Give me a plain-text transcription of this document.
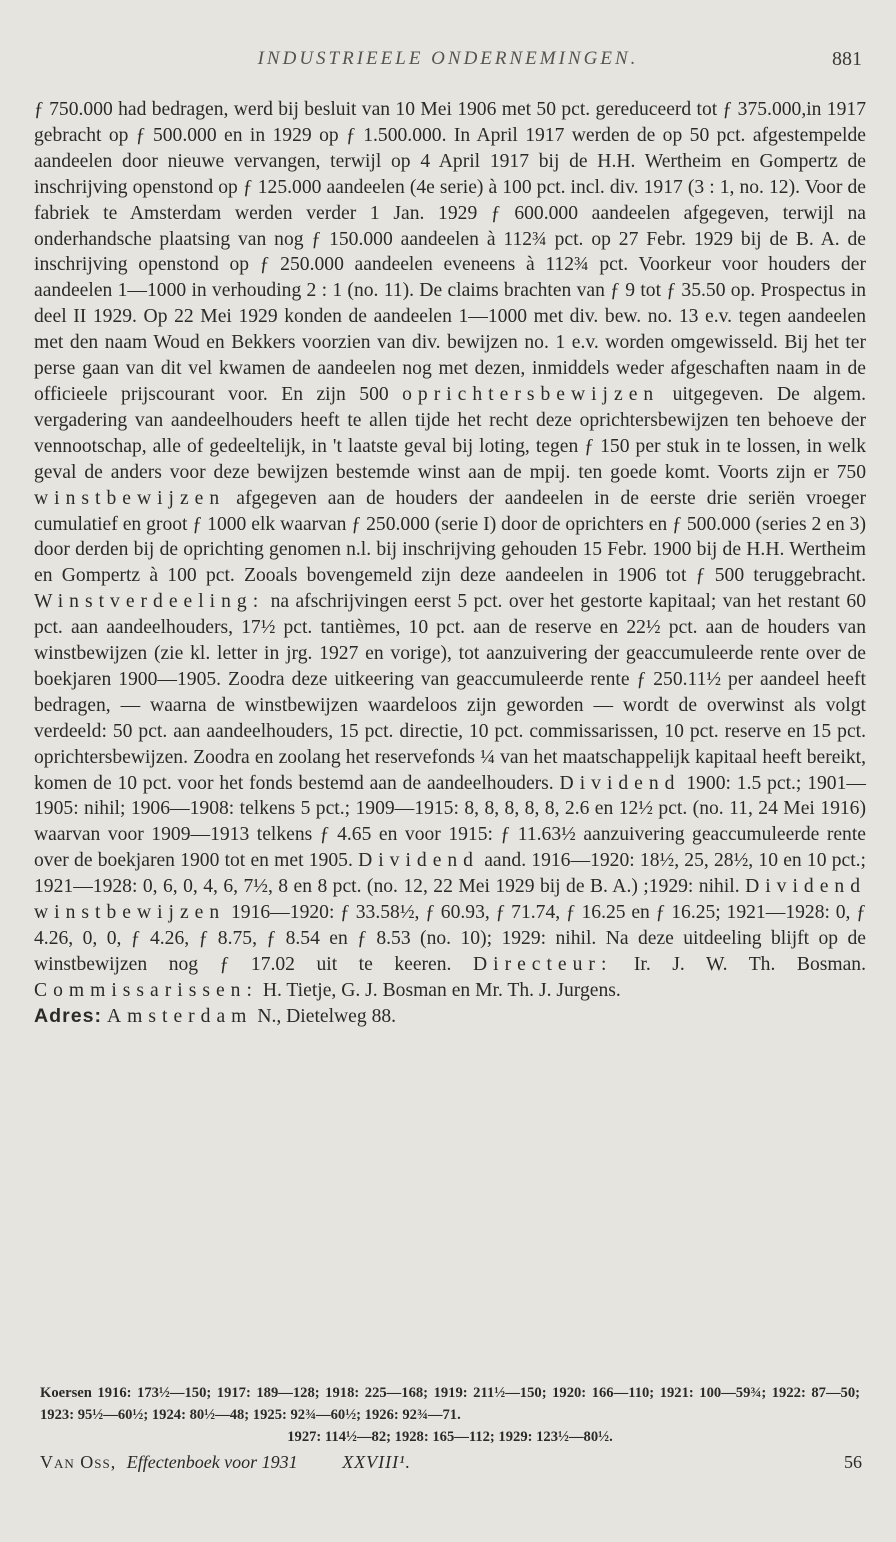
INDUSTRIEELE ONDERNEMINGEN.	881

ƒ 750.000 had bedragen, werd bij besluit van 10 Mei 1906 met 50 pct. gereduceerd tot ƒ 375.000,in 1917 gebracht op ƒ 500.000 en in 1929 op ƒ 1.500.000. In April 1917 werden de op 50 pct. afgestempelde aandeelen door nieuwe vervangen, terwijl op 4 April 1917 bij de H.H. Wertheim en Gompertz de inschrijving openstond op ƒ 125.000 aandeelen (4e serie) à 100 pct. incl. div. 1917 (3 : 1, no. 12). Voor de fabriek te Amsterdam werden verder 1 Jan. 1929 ƒ 600.000 aandeelen afgegeven, terwijl na onderhandsche plaatsing van nog ƒ 150.000 aandeelen à 112¾ pct. op 27 Febr. 1929 bij de B. A. de inschrijving openstond op ƒ 250.000 aandeelen eveneens à 112¾ pct. Voorkeur voor houders der aandeelen 1—1000 in verhouding 2 : 1 (no. 11). De claims brachten van ƒ 9 tot ƒ 35.50 op. Prospectus in deel II 1929. Op 22 Mei 1929 konden de aandeelen 1—1000 met div. bew. no. 13 e.v. tegen aandeelen met den naam Woud en Bekkers voorzien van div. bewijzen no. 1 e.v. worden omgewisseld. Bij het ter perse gaan van dit vel kwamen de aandeelen nog met dezen, inmiddels weder afgeschaften naam in de officieele prijscourant voor. En zijn 500 oprichtersbewijzen uitgegeven. De algem. vergadering van aandeelhouders heeft te allen tijde het recht deze oprichtersbewijzen ten behoeve der vennootschap, alle of gedeeltelijk, in 't laatste geval bij loting, tegen ƒ 150 per stuk in te lossen, in welk geval de anders voor deze bewijzen bestemde winst aan de mpij. ten goede komt. Voorts zijn er 750 winstbewijzen afgegeven aan de houders der aandeelen in de eerste drie seriën vroeger cumulatief en groot ƒ 1000 elk waarvan ƒ 250.000 (serie I) door de oprichters en ƒ 500.000 (series 2 en 3) door derden bij de oprichting genomen n.l. bij inschrijving gehouden 15 Febr. 1900 bij de H.H. Wertheim en Gompertz à 100 pct. Zooals bovengemeld zijn deze aandeelen in 1906 tot ƒ 500 teruggebracht. Winstverdeeling: na afschrijvingen eerst 5 pct. over het gestorte kapitaal; van het restant 60 pct. aan aandeelhouders, 17½ pct. tantièmes, 10 pct. aan de reserve en 22½ pct. aan de houders van winstbewijzen (zie kl. letter in jrg. 1927 en vorige), tot aanzuivering der geaccumuleerde rente over de boekjaren 1900—1905. Zoodra deze uitkeering van geaccumuleerde rente ƒ 250.11½ per aandeel heeft bedragen, — waarna de winstbewijzen waardeloos zijn geworden — wordt de overwinst als volgt verdeeld: 50 pct. aan aandeelhouders, 15 pct. directie, 10 pct. commissarissen, 10 pct. reserve en 15 pct. oprichtersbewijzen. Zoodra en zoolang het reservefonds ¼ van het maatschappelijk kapitaal heeft bereikt, komen de 10 pct. voor het fonds bestemd aan de aandeelhouders. Dividend 1900: 1.5 pct.; 1901—1905: nihil; 1906—1908: telkens 5 pct.; 1909—1915: 8, 8, 8, 8, 8, 2.6 en 12½ pct. (no. 11, 24 Mei 1916) waarvan voor 1909—1913 telkens ƒ 4.65 en voor 1915: ƒ 11.63½ aanzuivering geaccumuleerde rente over de boekjaren 1900 tot en met 1905. Dividend aand. 1916—1920: 18½, 25, 28½, 10 en 10 pct.; 1921—1928: 0, 6, 0, 4, 6, 7½, 8 en 8 pct. (no. 12, 22 Mei 1929 bij de B. A.) ;1929: nihil. Dividend winstbewijzen 1916—1920: ƒ 33.58½, ƒ 60.93, ƒ 71.74, ƒ 16.25 en ƒ 16.25; 1921—1928: 0, ƒ 4.26, 0, 0, ƒ 4.26, ƒ 8.75, ƒ 8.54 en ƒ 8.53 (no. 10); 1929: nihil. Na deze uitdeeling blijft op de winstbewijzen nog ƒ 17.02 uit te keeren. Directeur: Ir. J. W. Th. Bosman. Commissarissen: H. Tietje, G. J. Bosman en Mr. Th. J. Jurgens.
Adres: Amsterdam N., Dietelweg 88.

Koersen 1916: 173½—150; 1917: 189—128; 1918: 225—168; 1919: 211½—150; 1920: 166—110; 1921: 100—59¾; 1922: 87—50; 1923: 95½—60½; 1924: 80½—48; 1925: 92¾—60½; 1926: 92¾—71.

1927: 114½—82; 1928: 165—112; 1929: 123½—80½.

Van Oss, Effectenboek voor 1931 XXVIII¹.	56
